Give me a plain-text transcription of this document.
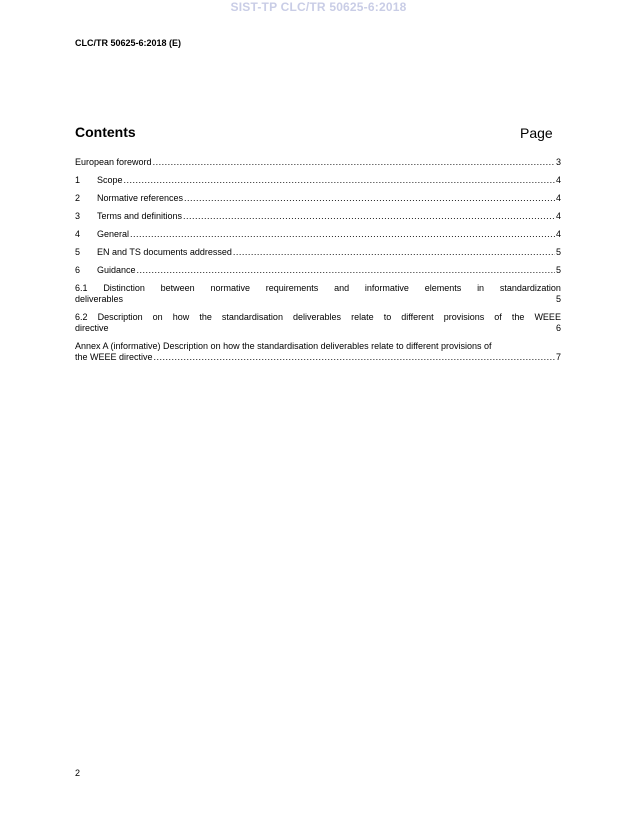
SIST-TP CLC/TR 50625-6:2018
CLC/TR 50625-6:2018 (E)
Contents	Page
European foreword .....	3
1	Scope .....	4
2	Normative references .....	4
3	Terms and definitions .....	4
4	General .....	4
5	EN and TS documents addressed .....	5
6	Guidance .....	5
6.1 Distinction between normative requirements and informative elements in standardization
deliverables	5
6.2 Description on how the standardisation deliverables relate to different provisions of the WEEE
directive	6
Annex A (informative) Description on how the standardisation deliverables relate to different provisions of
the WEEE directive .....	7
2
